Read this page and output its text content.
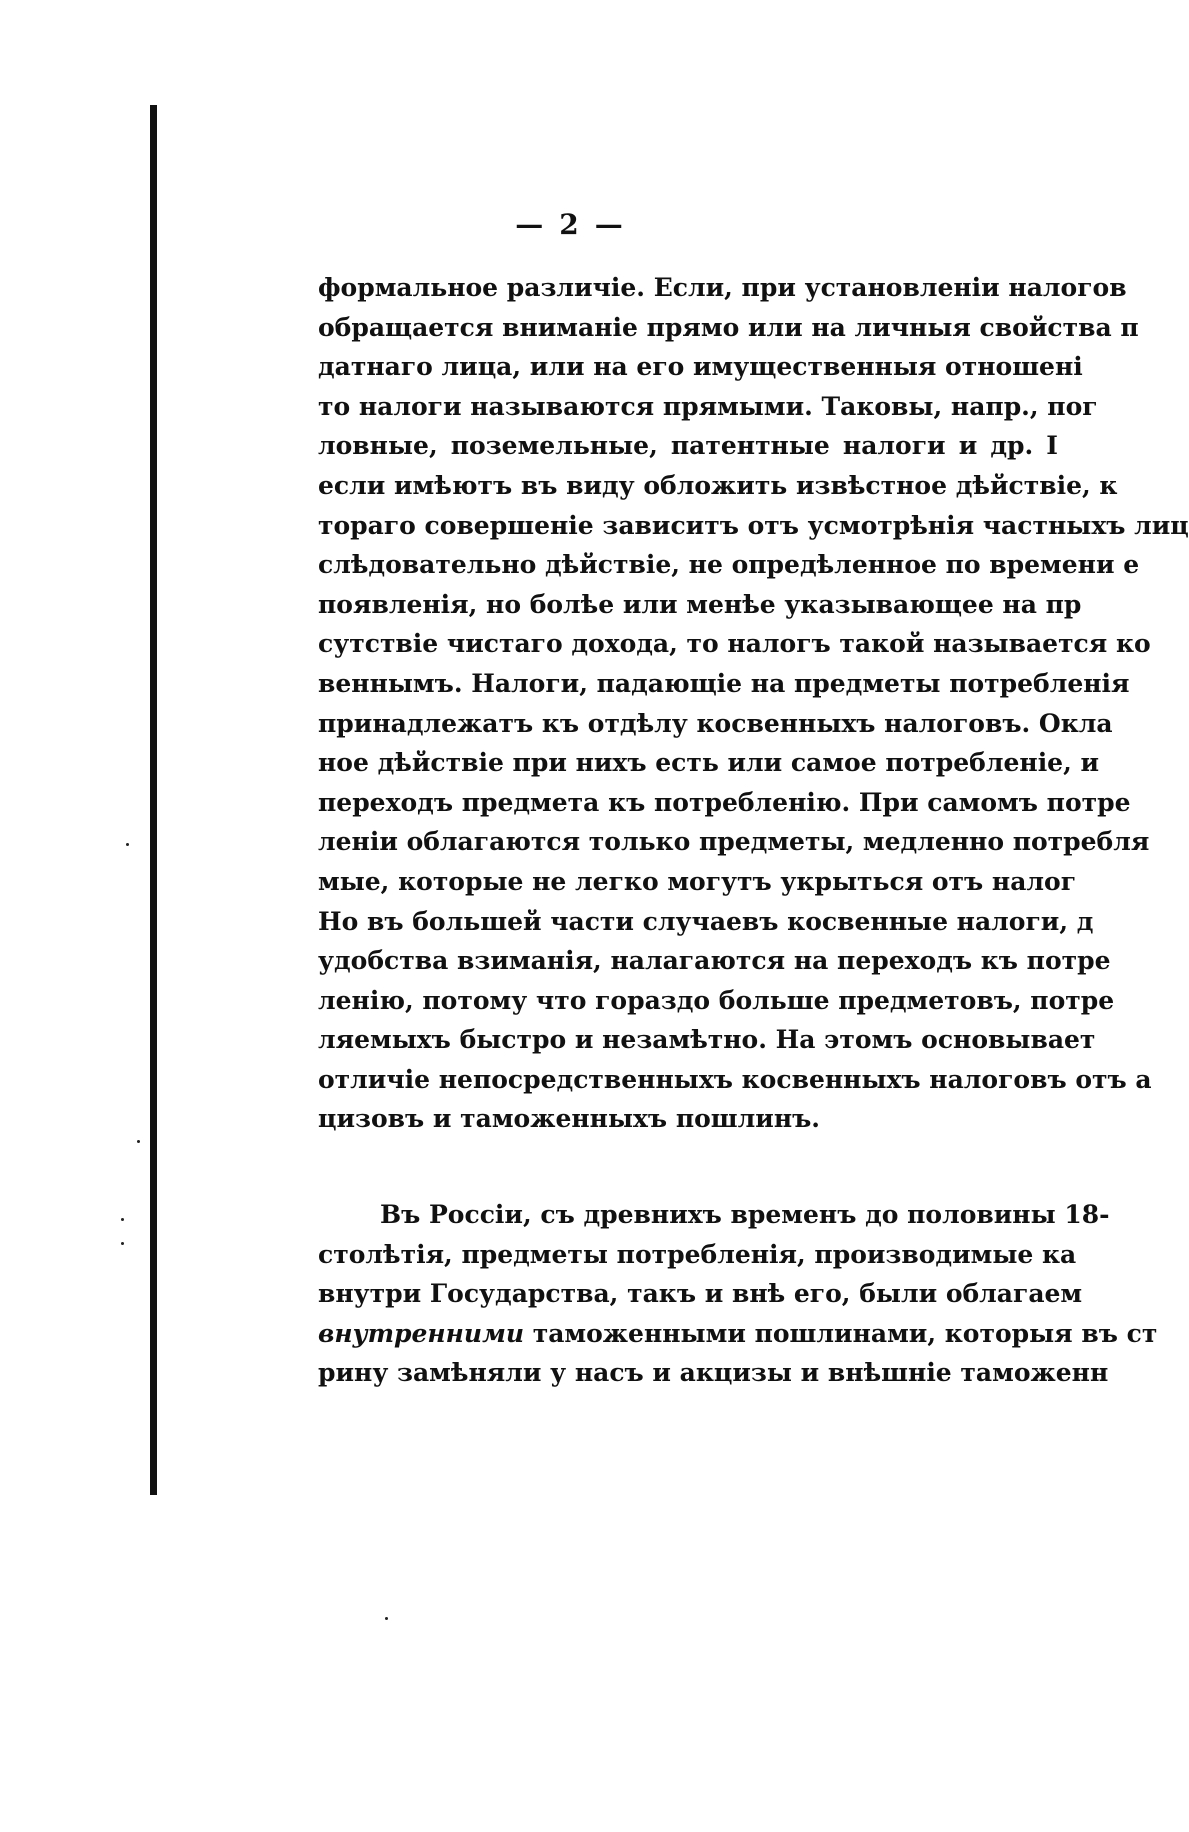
— 2 —
формальное различіе. Если, при установленіи налогов
обращается вниманіе прямо или на личныя свойства п
датнаго лица, или на его имущественныя отношені
то налоги называются прямыми. Таковы, напр., пог
ловные, поземельные, патентные налоги и др. I
если имѣютъ въ виду обложить извѣстное дѣйствіе, к
тораго совершеніе зависитъ отъ усмотрѣнія частныхъ лиц
слѣдовательно дѣйствіе, не опредѣленное по времени е
появленія, но болѣе или менѣе указывающее на пр
сутствіе чистаго дохода, то налогъ такой называется ко
веннымъ. Налоги, падающіе на предметы потребленія
принадлежатъ къ отдѣлу косвенныхъ налоговъ. Окла
ное дѣйствіе при нихъ есть или самое потребленіе, и
переходъ предмета къ потребленію. При самомъ потре
леніи облагаются только предметы, медленно потребля
мые, которые не легко могутъ укрыться отъ налог
Но въ большей части случаевъ косвенные налоги, д
удобства взиманія, налагаются на переходъ къ потре
ленію, потому что гораздо больше предметовъ, потре
ляемыхъ быстро и незамѣтно. На этомъ основывает
отличіе непосредственныхъ косвенныхъ налоговъ отъ а
цизовъ и таможенныхъ пошлинъ.
Въ Россіи, съ древнихъ временъ до половины 18-
столѣтія, предметы потребленія, производимые ка
внутри Государства, такъ и внѣ его, были облагаем
внутренними таможенными пошлинами, которыя въ ст
рину замѣняли у насъ и акцизы и внѣшніе таможенн
